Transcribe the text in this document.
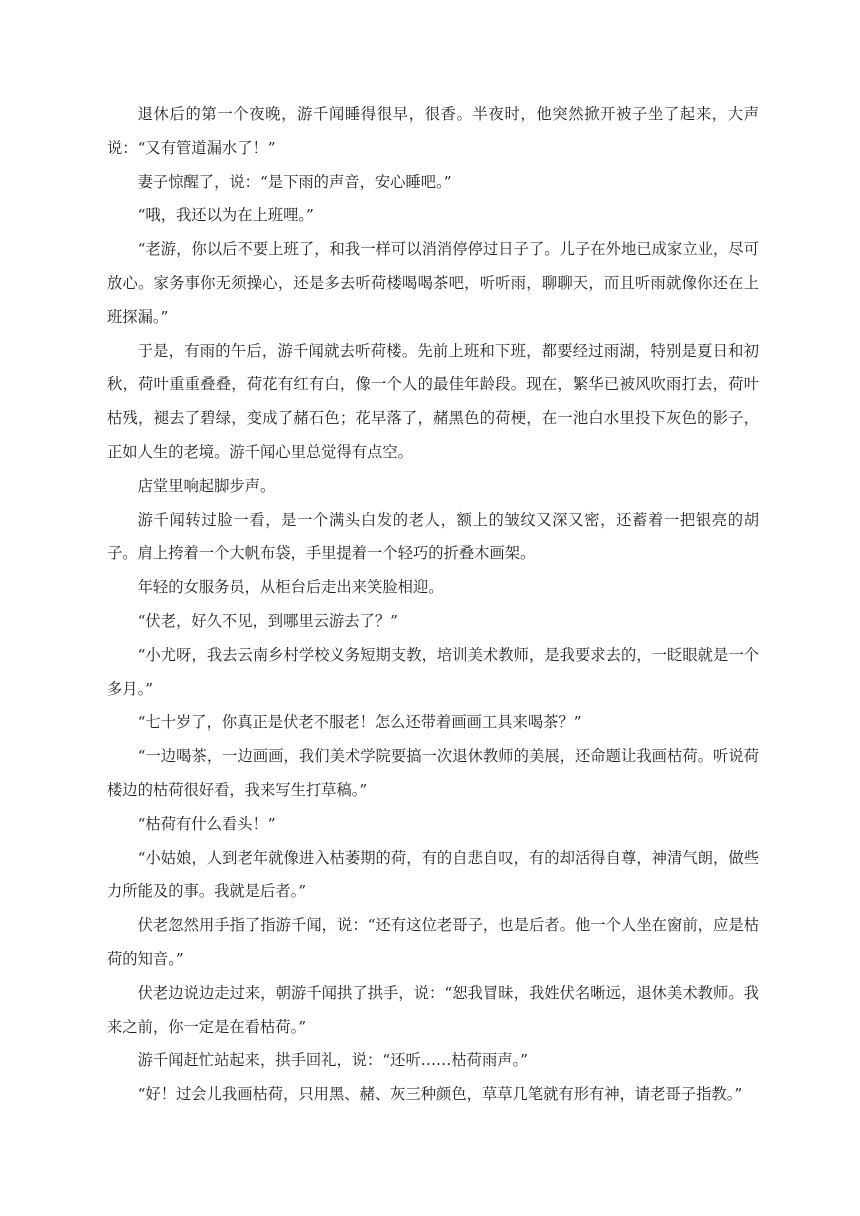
退休后的第一个夜晚，游千闻睡得很早，很香。半夜时，他突然掀开被子坐了起来，大声说：“又有管道漏水了！”

妻子惊醒了，说：“是下雨的声音，安心睡吧。”

“哦，我还以为在上班哩。”

“老游，你以后不要上班了，和我一样可以消消停停过日子了。儿子在外地已成家立业，尽可放心。家务事你无须操心，还是多去听荷楼喝喝茶吧，听听雨，聊聊天，而且听雨就像你还在上班探漏。”

于是，有雨的午后，游千闻就去听荷楼。先前上班和下班，都要经过雨湖，特别是夏日和初秋，荷叶重重叠叠，荷花有红有白，像一个人的最佳年龄段。现在，繁华已被风吹雨打去，荷叶枯残，褪去了碧绿，变成了赭石色；花早落了，赭黑色的荷梗，在一池白水里投下灰色的影子，正如人生的老境。游千闻心里总觉得有点空。

店堂里响起脚步声。

游千闻转过脸一看，是一个满头白发的老人，额上的皱纹又深又密，还蓄着一把银亮的胡子。肩上挎着一个大帆布袋，手里提着一个轻巧的折叠木画架。

年轻的女服务员，从柜台后走出来笑脸相迎。

“伏老，好久不见，到哪里云游去了？”

“小尤呀，我去云南乡村学校义务短期支教，培训美术教师，是我要求去的，一眨眼就是一个多月。”

“七十岁了，你真正是伏老不服老！怎么还带着画画工具来喝茶？”

“一边喝茶，一边画画，我们美术学院要搞一次退休教师的美展，还命题让我画枯荷。听说荷楼边的枯荷很好看，我来写生打草稿。”

“枯荷有什么看头！”

“小姑娘，人到老年就像进入枯萎期的荷，有的自悲自叹，有的却活得自尊，神清气朗，做些力所能及的事。我就是后者。”

伏老忽然用手指了指游千闻，说：“还有这位老哥子，也是后者。他一个人坐在窗前，应是枯荷的知音。”

伏老边说边走过来，朝游千闻拱了拱手，说：“恕我冒昧，我姓伏名晰远，退休美术教师。我来之前，你一定是在看枯荷。”

游千闻赶忙站起来，拱手回礼，说：“还听……枯荷雨声。”

“好！过会儿我画枯荷，只用黑、赭、灰三种颜色，草草几笔就有形有神，请老哥子指教。”
